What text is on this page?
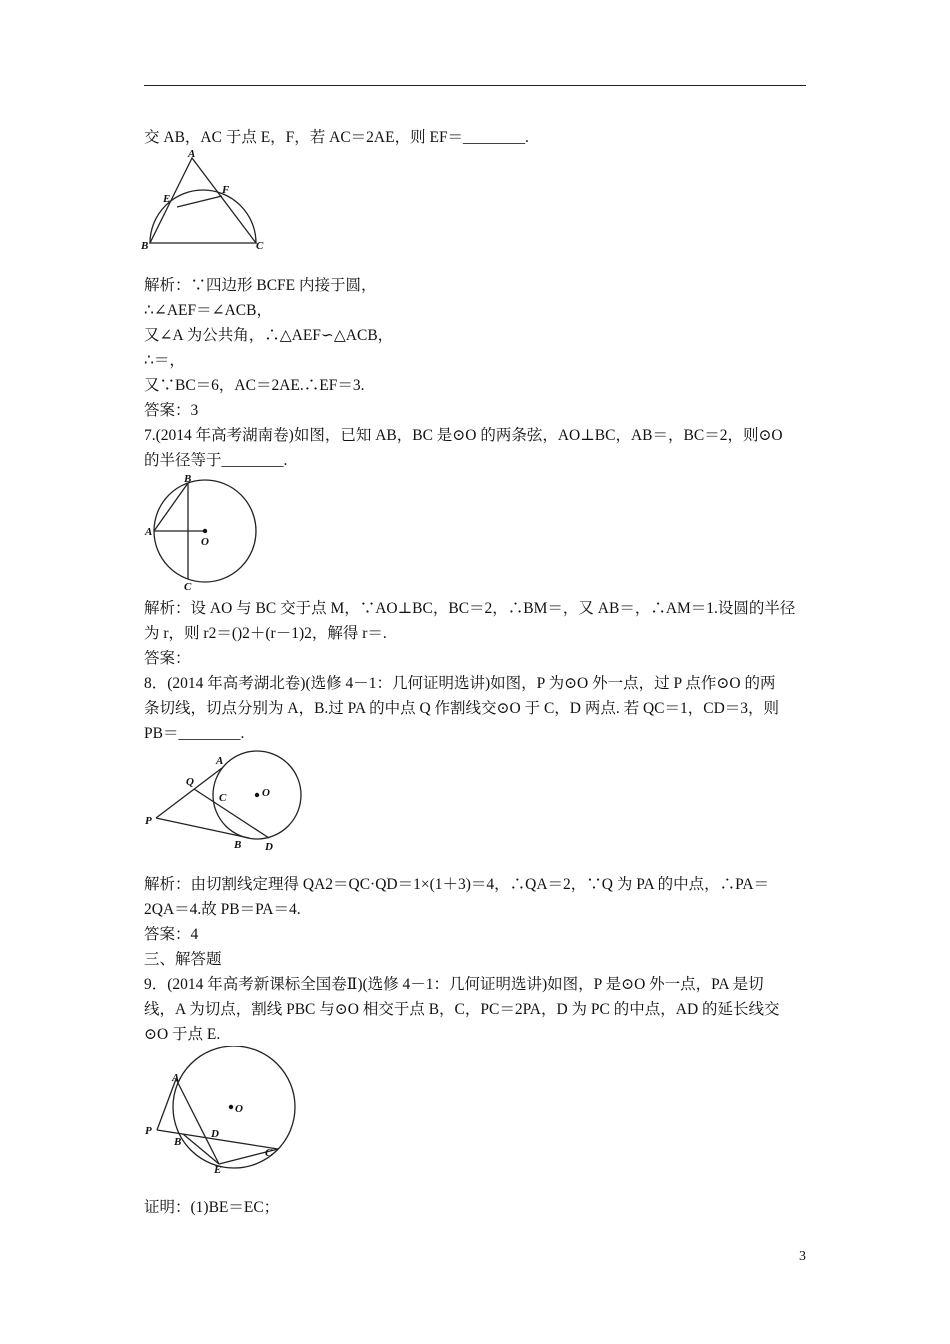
交 AB，AC 于点 E，F，若 AC＝2AE，则 EF＝________.
A
B	C
E
F
解析：∵四边形 BCFE 内接于圆，
∴∠AEF＝∠ACB，
又∠A 为公共角，∴△AEF∽△ACB，
∴＝，
又∵BC＝6，AC＝2AE.∴EF＝3.
答案：3
7.(2014 年高考湖南卷)如图，已知 AB，BC 是⊙O 的两条弦，AO⊥BC，AB＝，BC＝2，则⊙O
的半径等于________.
B
A
O
C
解析：设 AO 与 BC 交于点 M，∵AO⊥BC，BC＝2，∴BM＝，又 AB＝，∴AM＝1.设圆的半径
为 r，则 r2＝()2＋(r－1)2，解得 r＝.
答案：
8．(2014 年高考湖北卷)(选修 4－1：几何证明选讲)如图，P 为⊙O 外一点，过 P 点作⊙O 的两
条切线，切点分别为 A，B.过 PA 的中点 Q 作割线交⊙O 于 C，D 两点. 若 QC＝1，CD＝3，则
PB＝________.
A
Q
C	O
P
B D
解析：由切割线定理得 QA2＝QC·QD＝1×(1＋3)＝4，∴QA＝2，∵Q 为 PA 的中点，∴PA＝
2QA＝4.故 PB＝PA＝4.
答案：4
三、解答题
9．(2014 年高考新课标全国卷Ⅱ)(选修 4－1：几何证明选讲)如图，P 是⊙O 外一点，PA 是切
线，A 为切点，割线 PBC 与⊙O 相交于点 B，C，PC＝2PA，D 为 PC 的中点，AD 的延长线交
⊙O 于点 E.
A
O
P
B
D
C
E
证明：(1)BE＝EC；
3
